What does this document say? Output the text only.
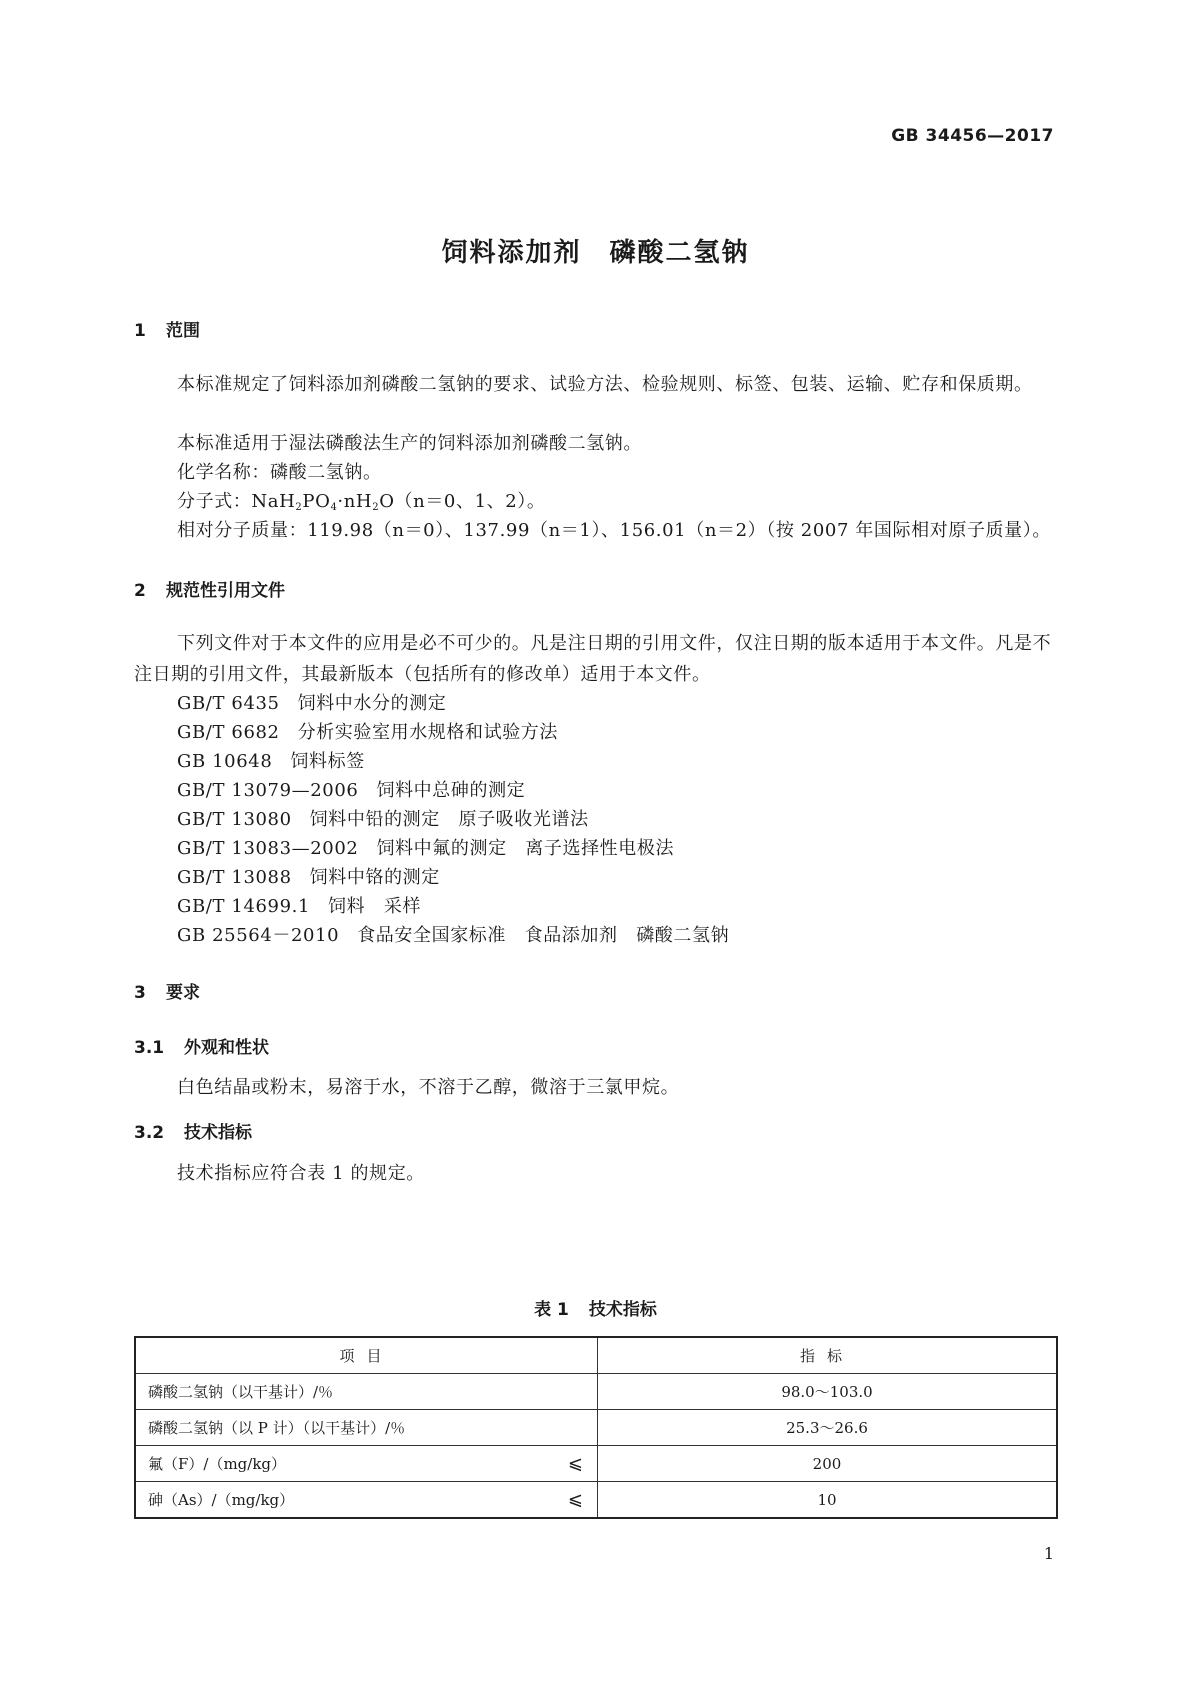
GB 34456—2017
饲料添加剂　磷酸二氢钠
1 范围
本标准规定了饲料添加剂磷酸二氢钠的要求、试验方法、检验规则、标签、包装、运输、贮存和保质期。
本标准适用于湿法磷酸法生产的饲料添加剂磷酸二氢钠。
化学名称：磷酸二氢钠。
分子式：$NaH_2PO_4\cdot nH_2O(n=0$、1、2）。
相对分子质量：119.98（n＝0）、137.99（n＝1）、156.01（n＝2）（按 2007 年国际相对原子质量）。
2 规范性引用文件
下列文件对于本文件的应用是必不可少的。凡是注日期的引用文件，仅注日期的版本适用于本文件。凡是不注日期的引用文件，其最新版本（包括所有的修改单）适用于本文件。
GB/T 6435 饲料中水分的测定
GB/T 6682 分析实验室用水规格和试验方法
GB 10648 饲料标签
GB/T 13079—2006 饲料中总砷的测定
GB/T 13080 饲料中铅的测定　原子吸收光谱法
GB/T 13083—2002 饲料中氟的测定　离子选择性电极法
GB/T 13088 饲料中铬的测定
GB/T 14699.1 饲料　采样
GB 25564－2010 食品安全国家标准　食品添加剂　磷酸二氢钠
3 要求
3.1 外观和性状
白色结晶或粉末，易溶于水，不溶于乙醇，微溶于三氯甲烷。
3.2 技术指标
技术指标应符合表 1 的规定。
表 1 技术指标
项目	指标

磷酸二氢钠（以干基计）/％	98.0～103.0

磷酸二氢钠（以 P 计）（以干基计）/％	25.3～26.6

氟（F）/（mg/kg） ⩽	200

砷（As）/（mg/kg） ⩽	10
1
